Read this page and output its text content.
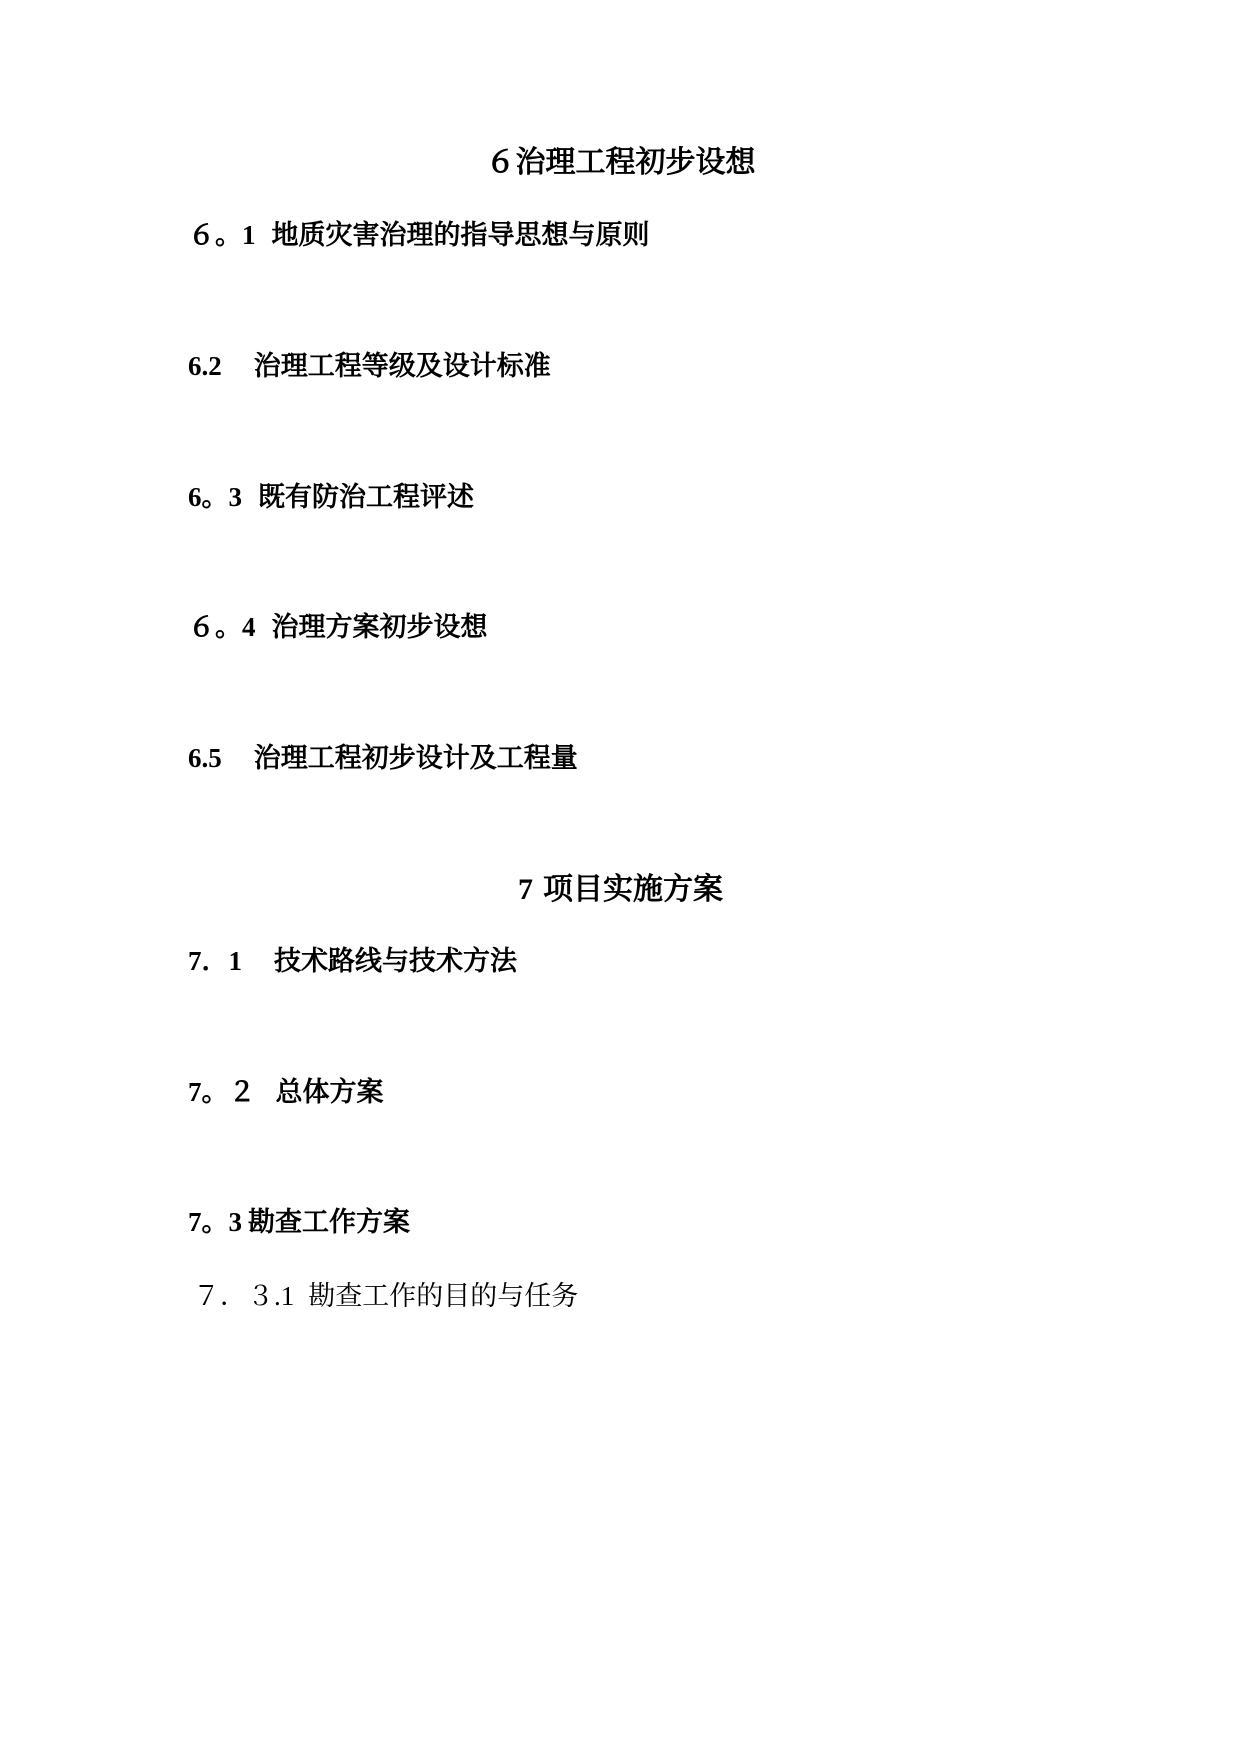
６治理工程初步设想
６。1 地质灾害治理的指导思想与原则
6.2 治理工程等级及设计标准
6。3 既有防治工程评述
６。4 治理方案初步设想
6.5 治理工程初步设计及工程量
7 项目实施方案
7．1 技术路线与技术方法
7。２ 总体方案
7。3 勘查工作方案
７．３.1 勘查工作的目的与任务
